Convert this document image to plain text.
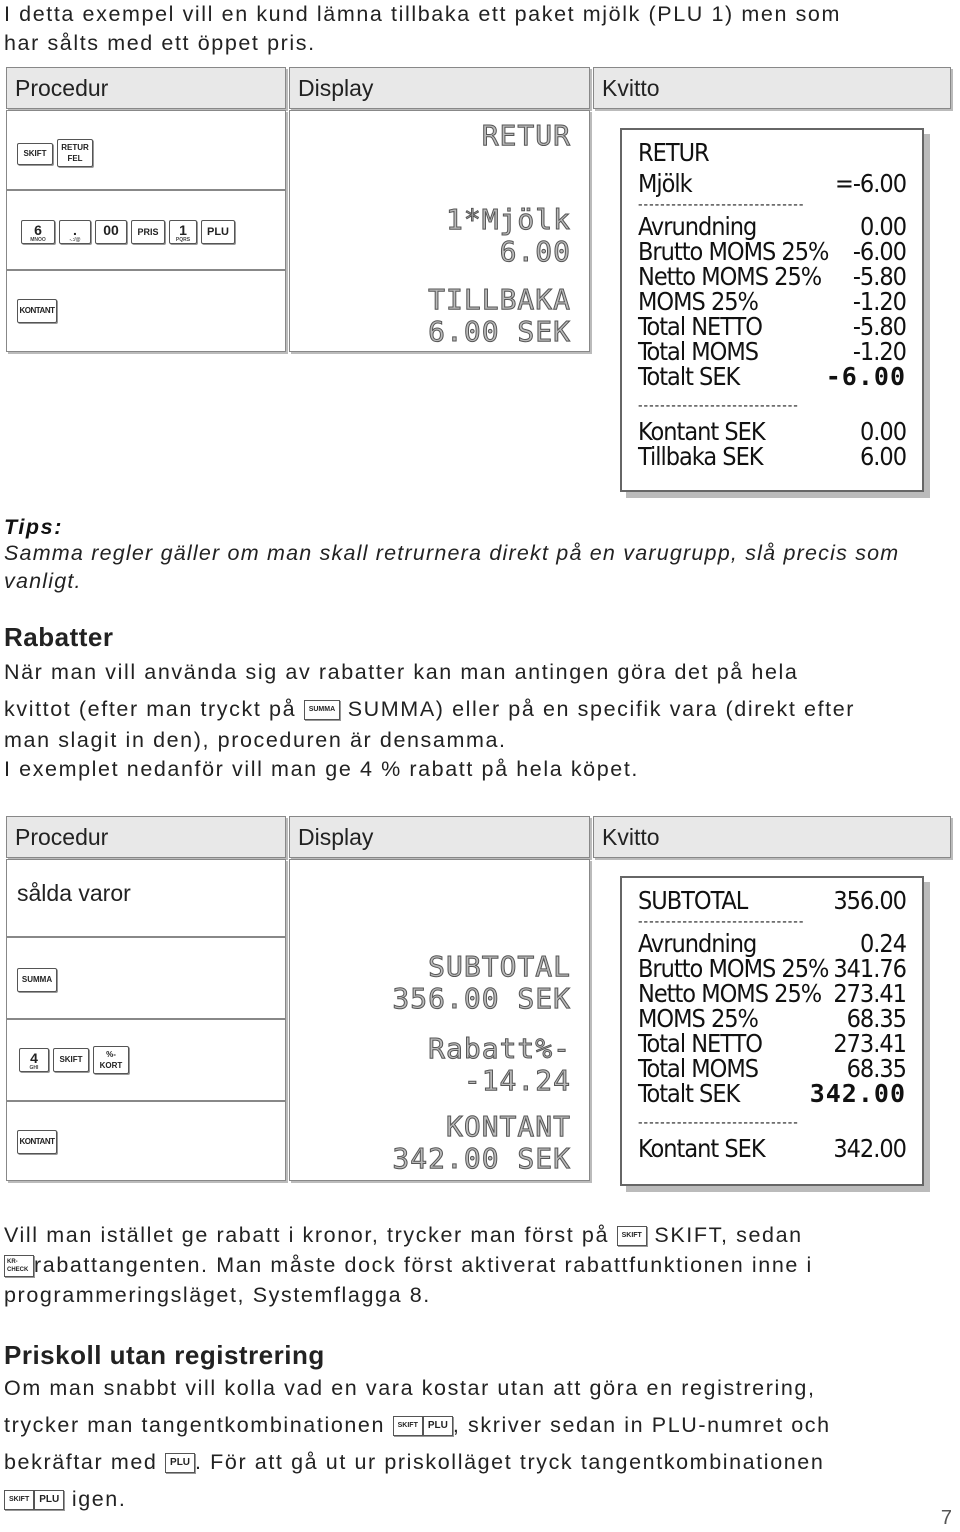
I detta exempel vill en kund lämna tillbaka ett paket mjölk (PLU 1) men som

har sålts med ett öppet pris.

Procedur	Display	Kvitto
SKIFT
RETUR FEL
6
MNOO
.
-.:/@
00	PRIS	1
PQRS
PLU
KONTANT
RETUR
1*Mjölk
6.00
TILLBAKA
6.00 SEK
RETUR
Mjölk	=-6.00
------------------------------
Avrundning	0.00
Brutto MOMS 25% -6.00
Netto MOMS 25% -5.80
MOMS 25%	-1.20
Total NETTO	-5.80
Total MOMS	-1.20
Totalt SEK	-6.00
-----------------------------
Kontant SEK	0.00
Tillbaka SEK	6.00

Tips:

Samma regler gäller om man skall retrurnera direkt på en varugrupp, slå precis som

vanligt.

Rabatter

När man vill använda sig av rabatter kan man antingen göra det på hela

kvittot (efter man tryckt på SUMMA SUMMA) eller på en specifik vara (direkt efter

man slagit in den), proceduren är densamma.

I exemplet nedanför vill man ge 4 % rabatt på hela köpet.

Procedur	Display	Kvitto
sålda varor
SUMMA
4
GHI
SKIFT
%-
KORT
KONTANT
SUBTOTAL
356.00 SEK
Rabatt%-
-14.24
KONTANT
342.00 SEK
SUBTOTAL	356.00
------------------------------
Avrundning	0.24
Brutto MOMS 25% 341.76
Netto MOMS 25% 273.41
MOMS 25%	68.35
Total NETTO	273.41
Total MOMS	68.35
Totalt SEK	342.00
-----------------------------
Kontant SEK	342.00

Vill man istället ge rabatt i kronor, trycker man först på SKIFT SKIFT, sedan

KR-CHECK rabattangenten. Man måste dock först aktiverat rabattfunktionen inne i

programmeringsläget, Systemflagga 8.

Priskoll utan registrering

Om man snabbt vill kolla vad en vara kostar utan att göra en registrering,

trycker man tangentkombinationen SKIFT PLU , skriver sedan in PLU-numret och

bekräftar med PLU . För att gå ut ur priskolläget tryck tangentkombinationen

SKIFT PLU igen.

7
